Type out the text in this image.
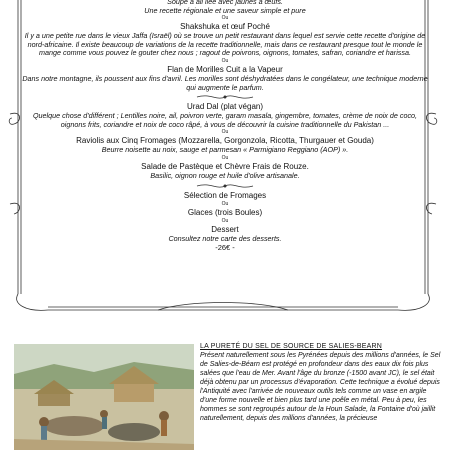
Soupe à ail liée avec jaunes à œufs.
Une recette régionale et une saveur simple et pure
Ou
Shakshuka et œuf Poché
Il y a une petite rue dans le vieux Jaffa (Israël) où se trouve un petit restaurant dans lequel est servie cette recette d'origine de nord-africaine. Il existe beaucoup de variations de la recette traditionnelle, mais dans ce restaurant presque tout le monde le mange comme vous pouvez le gouter chez nous ; ragout de poivrons, oignons, tomates, safran, coriandre et harissa.
Ou
Flan de Morilles Cuit a la Vapeur
Dans notre montagne, ils poussent aux fins d'avril. Les morilles sont déshydratées dans le congélateur, une technique moderne qui augmente le parfum.
Urad Dal (plat végan)
Quelque chose d'différent ; Lentilles noire, ail, poivron verte, garam masala, gingembre, tomates, crème de noix de coco, oignons frits, coriandre et noix de coco râpé, à vous de découvrir la cuisine traditionnelle du Pakistan ...
Ou
Raviolis aux Cinq Fromages (Mozzarella, Gorgonzola, Ricotta, Thurgauer et Gouda)
Beurre noisette au noix, sauge et parmesan « Parmigiano Reggiano (AOP) ».
Ou
Salade de Pastèque et Chèvre Frais de Rouze.
Basilic, oignon rouge et huile d'olive artisanale.
Sélection de Fromages
Ou
Glaces (trois Boules)
Ou
Dessert
Consultez notre carte des desserts.
-26€ -
LA PURETÉ DU SEL DE SOURCE DE SALIES-BEARN
Présent naturellement sous les Pyrénées depuis des millions d'années, le Sel de Salies-de-Béarn est protégé en profondeur dans des eaux dix fois plus salées que l'eau de Mer. Avant l'âge du bronze (-1500 avant JC), le sel était déjà obtenu par un processus d'évaporation. Cette technique a évolué depuis l'Antiquité avec l'arrivée de nouveaux outils tels comme un vase en argile d'une forme nouvelle et bien plus tard une poêle en métal. Peu à peu, les hommes se sont regroupés autour de la Houn Salade, la Fontaine d'où jaillit naturellement, depuis des millions d'années, la précieuse
